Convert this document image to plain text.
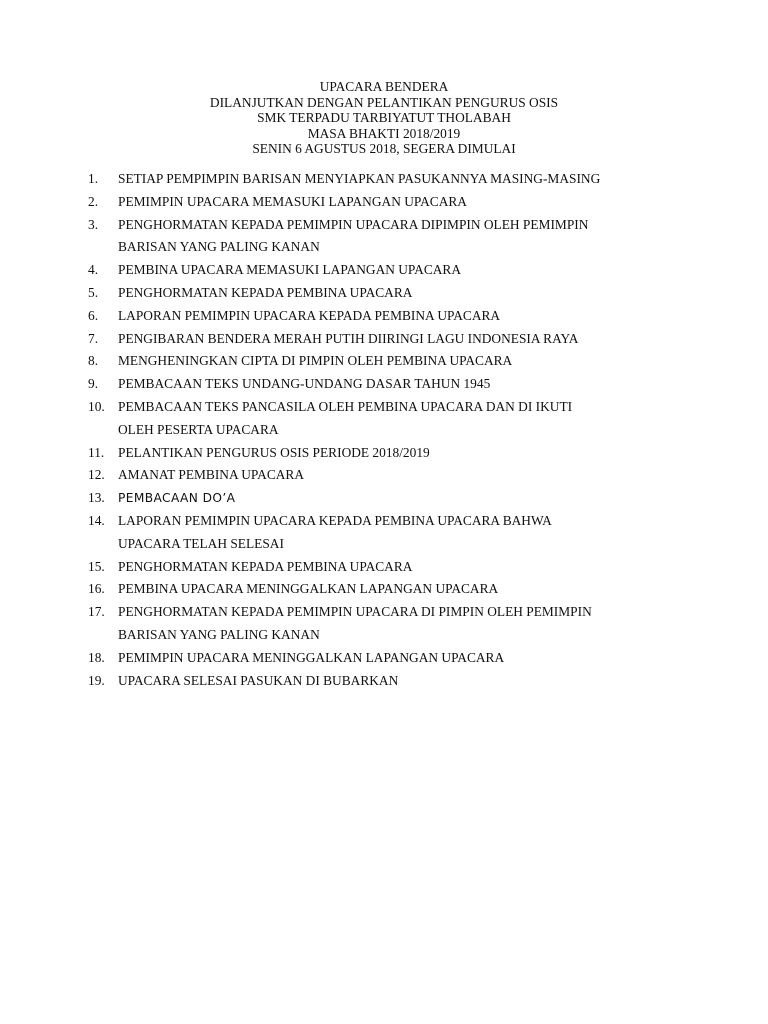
UPACARA BENDERA
DILANJUTKAN DENGAN PELANTIKAN PENGURUS OSIS
SMK TERPADU TARBIYATUT THOLABAH
MASA BHAKTI 2018/2019
SENIN 6 AGUSTUS 2018, SEGERA DIMULAI
1. SETIAP PEMPIMPIN BARISAN MENYIAPKAN PASUKANNYA MASING-MASING
2. PEMIMPIN UPACARA MEMASUKI LAPANGAN UPACARA
3. PENGHORMATAN KEPADA PEMIMPIN UPACARA DIPIMPIN OLEH PEMIMPIN
BARISAN YANG PALING KANAN
4. PEMBINA UPACARA MEMASUKI LAPANGAN UPACARA
5. PENGHORMATAN KEPADA PEMBINA UPACARA
6. LAPORAN PEMIMPIN UPACARA KEPADA PEMBINA UPACARA
7. PENGIBARAN BENDERA MERAH PUTIH DIIRINGI LAGU INDONESIA RAYA
8. MENGHENINGKAN CIPTA DI PIMPIN OLEH PEMBINA UPACARA
9. PEMBACAAN TEKS UNDANG-UNDANG DASAR TAHUN 1945
10. PEMBACAAN TEKS PANCASILA OLEH PEMBINA UPACARA DAN DI IKUTI
OLEH PESERTA UPACARA
11. PELANTIKAN PENGURUS OSIS PERIODE 2018/2019
12. AMANAT PEMBINA UPACARA
13. PEMBACAAN DO’A
14. LAPORAN PEMIMPIN UPACARA KEPADA PEMBINA UPACARA BAHWA
UPACARA TELAH SELESAI
15. PENGHORMATAN KEPADA PEMBINA UPACARA
16. PEMBINA UPACARA MENINGGALKAN LAPANGAN UPACARA
17. PENGHORMATAN KEPADA PEMIMPIN UPACARA DI PIMPIN OLEH PEMIMPIN
BARISAN YANG PALING KANAN
18. PEMIMPIN UPACARA MENINGGALKAN LAPANGAN UPACARA
19. UPACARA SELESAI PASUKAN DI BUBARKAN
